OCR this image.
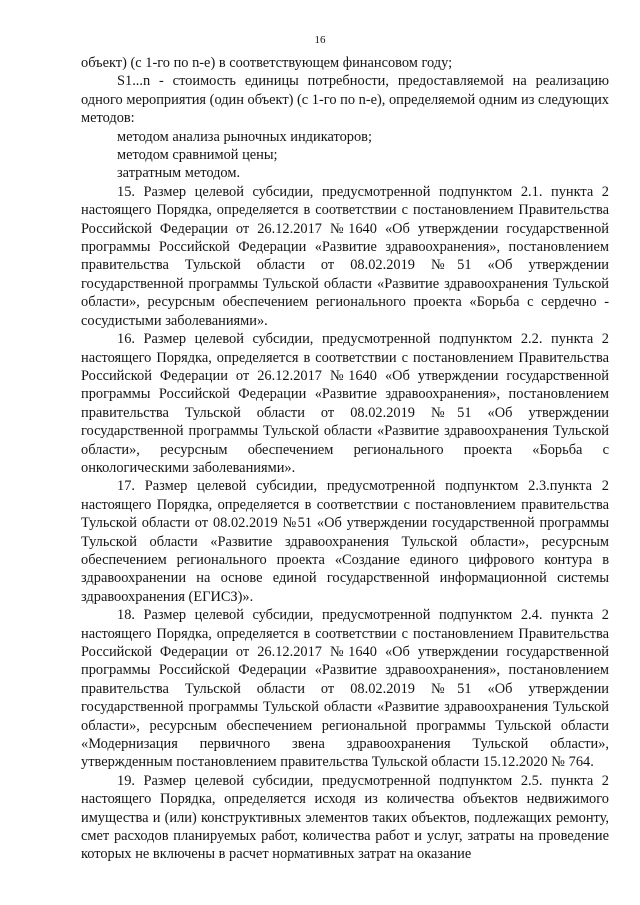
16

объект) (с 1-го по n-е) в соответствующем финансовом году;

S1...n - стоимость единицы потребности, предоставляемой на реализацию одного мероприятия (один объект) (с 1-го по n-е), определяемой одним из следующих методов:

методом анализа рыночных индикаторов;

методом сравнимой цены;

затратным методом.

15. Размер целевой субсидии, предусмотренной подпунктом 2.1. пункта 2 настоящего Порядка, определяется в соответствии с постановлением Правительства Российской Федерации от 26.12.2017 №1640 «Об утверждении государственной программы Российской Федерации «Развитие здравоохранения», постановлением правительства Тульской области от 08.02.2019 №51 «Об утверждении государственной программы Тульской области «Развитие здравоохранения Тульской области», ресурсным обеспечением регионального проекта «Борьба с сердечно - сосудистыми заболеваниями».

16. Размер целевой субсидии, предусмотренной подпунктом 2.2. пункта 2 настоящего Порядка, определяется в соответствии с постановлением Правительства Российской Федерации от 26.12.2017 №1640 «Об утверждении государственной программы Российской Федерации «Развитие здравоохранения», постановлением правительства Тульской области от 08.02.2019 №51 «Об утверждении государственной программы Тульской области «Развитие здравоохранения Тульской области», ресурсным обеспечением регионального проекта «Борьба с онкологическими заболеваниями».

17. Размер целевой субсидии, предусмотренной подпунктом 2.3.пункта 2 настоящего Порядка, определяется в соответствии с постановлением правительства Тульской области от 08.02.2019 №51 «Об утверждении государственной программы Тульской области «Развитие здравоохранения Тульской области», ресурсным обеспечением регионального проекта «Создание единого цифрового контура в здравоохранении на основе единой государственной информационной системы здравоохранения (ЕГИСЗ)».

18. Размер целевой субсидии, предусмотренной подпунктом 2.4. пункта 2 настоящего Порядка, определяется в соответствии с постановлением Правительства Российской Федерации от 26.12.2017 №1640 «Об утверждении государственной программы Российской Федерации «Развитие здравоохранения», постановлением правительства Тульской области от 08.02.2019 №51 «Об утверждении государственной программы Тульской области «Развитие здравоохранения Тульской области», ресурсным обеспечением региональной программы Тульской области «Модернизация первичного звена здравоохранения Тульской области», утвержденным постановлением правительства Тульской области 15.12.2020 № 764.

19. Размер целевой субсидии, предусмотренной подпунктом 2.5. пункта 2 настоящего Порядка, определяется исходя из количества объектов недвижимого имущества и (или) конструктивных элементов таких объектов, подлежащих ремонту, смет расходов планируемых работ, количества работ и услуг, затраты на проведение которых не включены в расчет нормативных затрат на оказание
